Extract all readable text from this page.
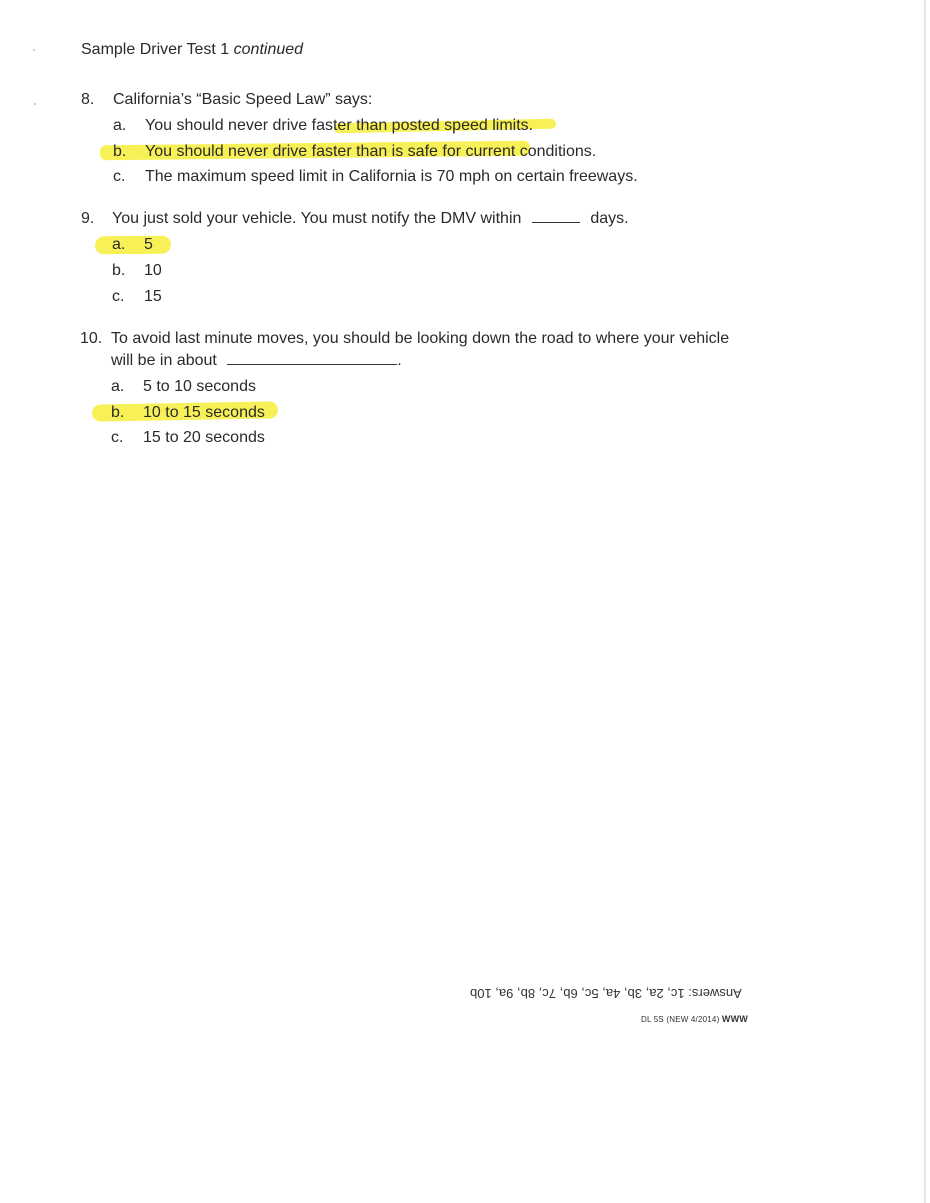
Sample Driver Test 1 continued
8. California’s “Basic Speed Law” says:
a. You should never drive faster than posted speed limits.
b. You should never drive faster than is safe for current conditions.
c. The maximum speed limit in California is 70 mph on certain freeways.
9. You just sold your vehicle. You must notify the DMV within	days.
a. 5
b. 10
c. 15
10. To avoid last minute moves, you should be looking down the road to where your vehicle
will be in about	.
a. 5 to 10 seconds
b. 10 to 15 seconds
c. 15 to 20 seconds
Answers: 1c, 2a, 3b, 4a, 5c, 6b, 7c, 8b, 9a, 10b
DL 5S (NEW 4/2014) WWW
